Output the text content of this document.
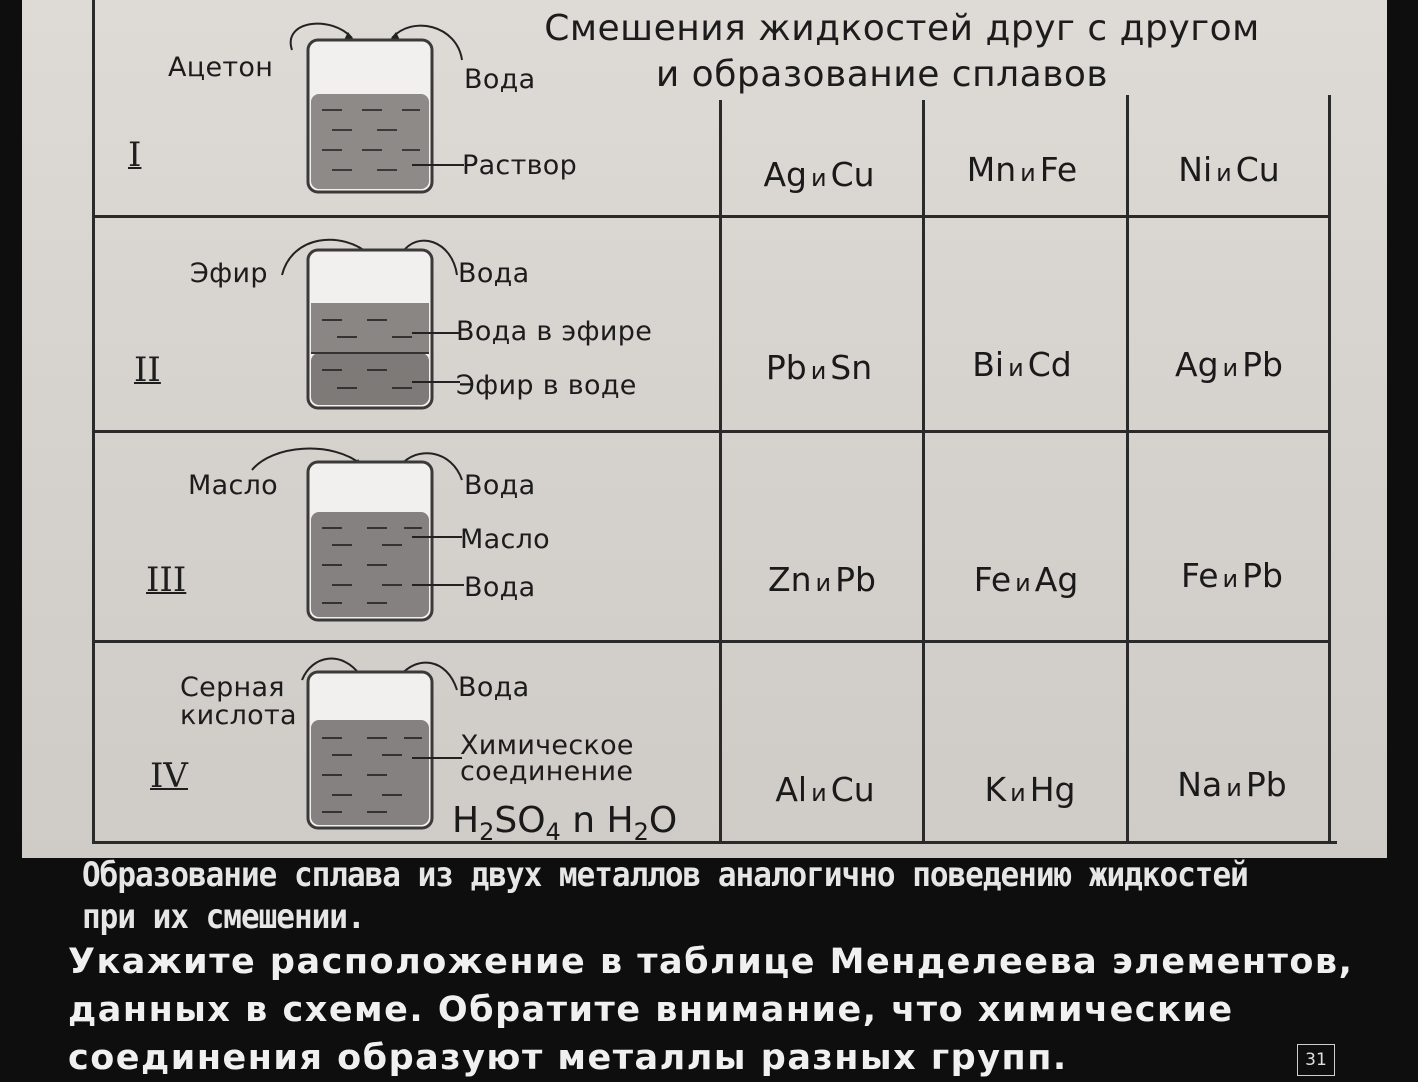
Смешения жидкостей друг с другом
и образование сплавов
I
Ацетон	Вода
Раствор	Ag и Cu	Mn и Fe	Ni и Cu
II
Эфир	Вода
Вода в эфире
Эфир в воде	Pb и Sn	Bi и Cd	Ag и Pb
III
Масло	Вода
Масло
Вода	Zn и Pb	Fe и Ag	Fe и Pb
IV
Серная
кислота
Вода
Химическое
соединение
$H_2SO_4$ n $H_2O$
Al и Cu	K и Hg	Na и Pb
Образование сплава из двух металлов аналогично поведению жидкостей
при их смешении.
Укажите расположение в таблице Менделеева элементов,
данных в схеме. Обратите внимание, что химические
соединения образуют металлы разных групп.	31
